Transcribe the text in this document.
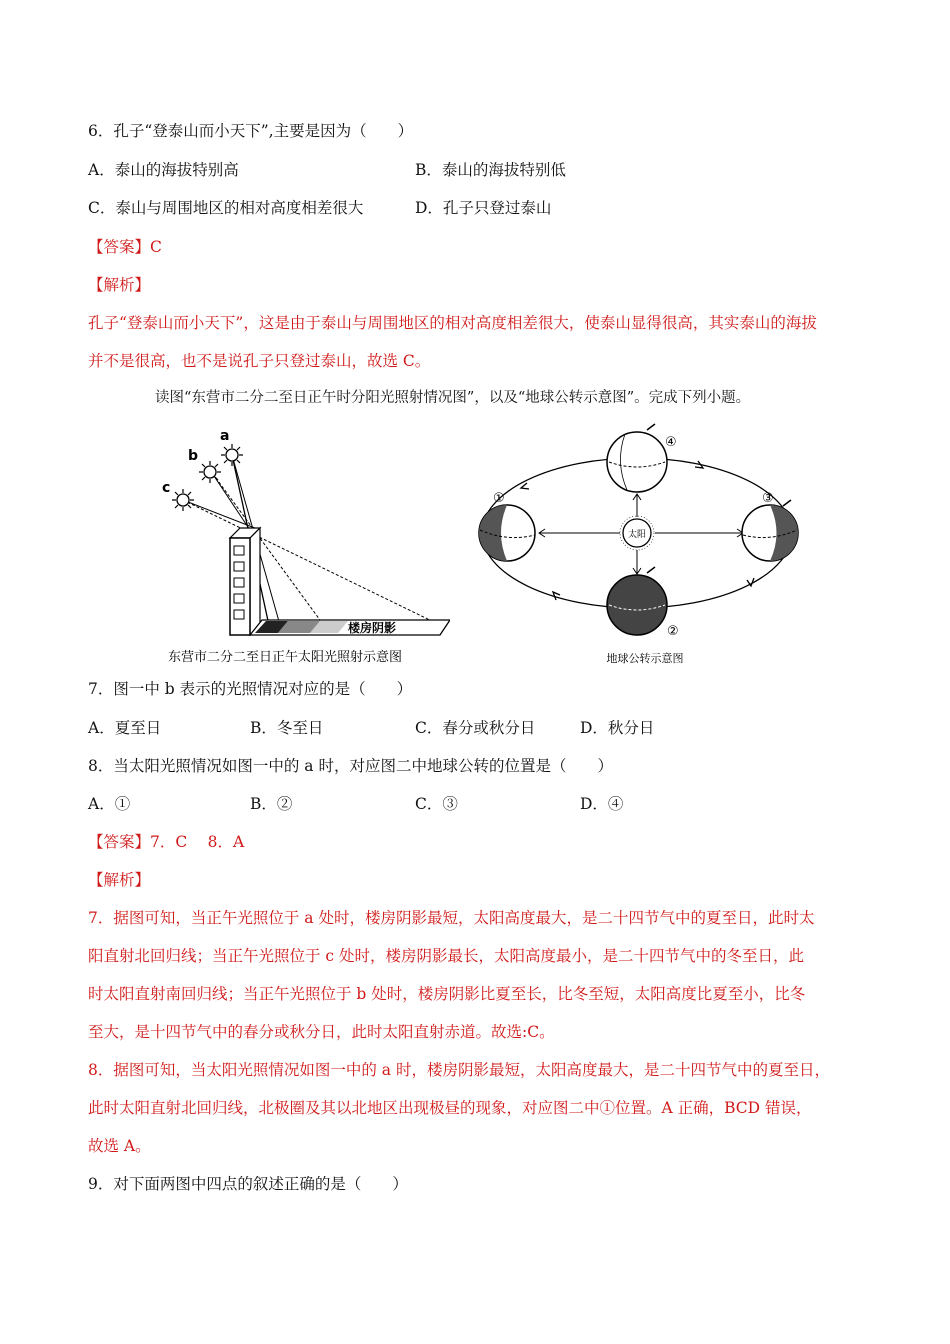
6．孔子“登泰山而小天下”,主要是因为（　　）
A．泰山的海拔特别高	B．泰山的海拔特别低
C．泰山与周围地区的相对高度相差很大	D．孔子只登过泰山
【答案】C
【解析】
孔子“登泰山而小天下”，这是由于泰山与周围地区的相对高度相差很大，使泰山显得很高，其实泰山的海拔
并不是很高，也不是说孔子只登过泰山，故选 C。
读图“东营市二分二至日正午时分阳光照射情况图”，以及“地球公转示意图”。完成下列小题。
a
b
c
楼房阴影
东营市二分二至日正午太阳光照射示意图
太阳
④
①	③
②
地球公转示意图
7．图一中 b 表示的光照情况对应的是（　　）
A．夏至日	B．冬至日	C．春分或秋分日	D．秋分日
8．当太阳光照情况如图一中的 a 时，对应图二中地球公转的位置是（　　）
A．①	B．②	C．③	D．④
【答案】7．C　 8．A
【解析】
7．据图可知，当正午光照位于 a 处时，楼房阴影最短，太阳高度最大，是二十四节气中的夏至日，此时太
阳直射北回归线；当正午光照位于 c 处时，楼房阴影最长，太阳高度最小，是二十四节气中的冬至日，此
时太阳直射南回归线；当正午光照位于 b 处时，楼房阴影比夏至长，比冬至短，太阳高度比夏至小，比冬
至大，是十四节气中的春分或秋分日，此时太阳直射赤道。故选:C。
8．据图可知，当太阳光照情况如图一中的 a 时，楼房阴影最短，太阳高度最大，是二十四节气中的夏至日，
此时太阳直射北回归线，北极圈及其以北地区出现极昼的现象，对应图二中①位置。A 正确，BCD 错误，
故选 A。
9．对下面两图中四点的叙述正确的是（　　）
